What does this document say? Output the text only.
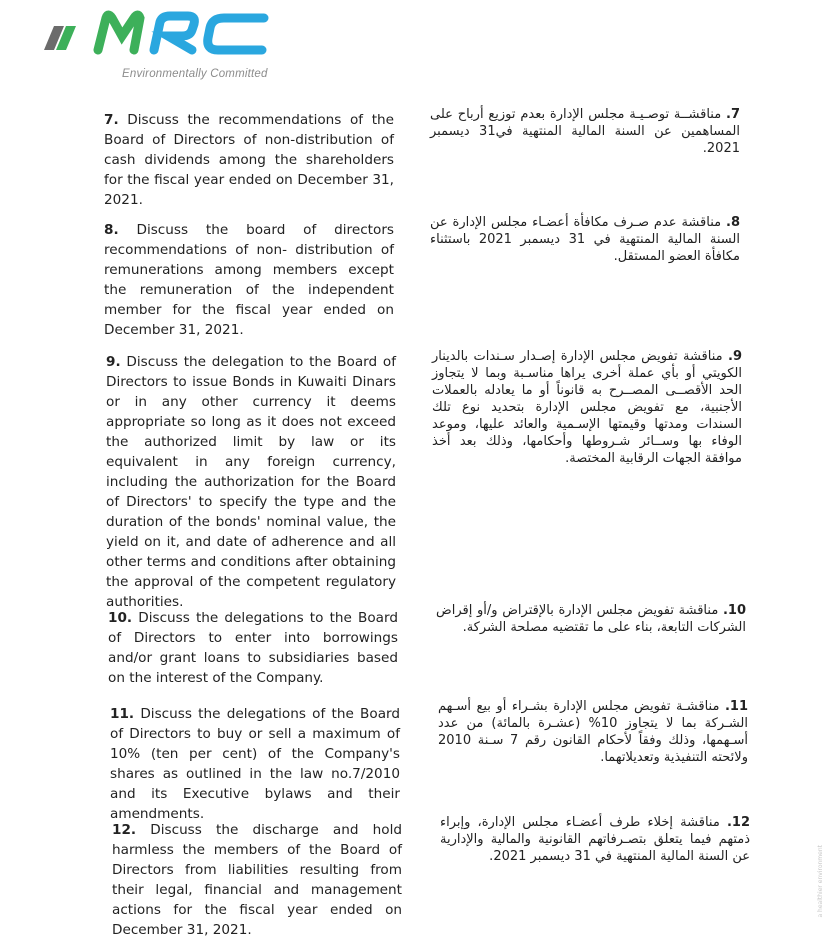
Environmentally Committed
7. Discuss the recommendations of the Board of Directors of non-distribution of cash dividends among the shareholders for the fiscal year ended on December 31, 2021.
7. مناقشــة توصـيـة مجلس الإدارة بعدم توزيع أرباح على المساهمين عن السنة المالية المنتهية في31 ديسمبر 2021.
8. Discuss the board of directors recommendations of non- distribution of remunerations among members except the remuneration of the independent member for the fiscal year ended on December 31, 2021.
8. مناقشة عدم صـرف مكافأة أعضـاء مجلس الإدارة عن السنة المالية المنتهية في 31 ديسمبر 2021 باستثناء مكافأة العضو المستقل.
9. Discuss the delegation to the Board of Directors to issue Bonds in Kuwaiti Dinars or in any other currency it deems appropriate so long as it does not exceed the authorized limit by law or its equivalent in any foreign currency, including the authorization for the Board of Directors' to specify the type and the duration of the bonds' nominal value, the yield on it, and date of adherence and all other terms and conditions after obtaining the approval of the competent regulatory authorities.
9. مناقشة تفويض مجلس الإدارة إصـدار سـندات بالدينار الكويتي أو بأي عملة أخرى يراها مناسـبة وبما لا يتجاوز الحد الأقصــى المصــرح به قانوناً أو ما يعادله بالعملات الأجنبية، مع تفويض مجلس الإدارة بتحديد نوع تلك السندات ومدتها وقيمتها الإسـمية والعائد عليها، وموعد الوفاء بها وســائر شـروطها وأحكامها، وذلك بعد أخذ موافقة الجهات الرقابية المختصة.
10. Discuss the delegations to the Board of Directors to enter into borrowings and/or grant loans to subsidiaries based on the interest of the Company.
10. مناقشة تفويض مجلس الإدارة بالإقتراض و/أو إقراض الشركات التابعة، بناء على ما تقتضيه مصلحة الشركة.
11. Discuss the delegations of the Board of Directors to buy or sell a maximum of 10% (ten per cent) of the Company's shares as outlined in the law no.7/2010 and its Executive bylaws and their amendments.
11. مناقشـة تفويض مجلس الإدارة بشـراء أو بيع أسـهم الشـركة بما لا يتجاوز 10% (عشـرة بالمائة) من عدد أسـهمها، وذلك وفقاً لأحكام القانون رقم 7 سـنة 2010 ولائحته التنفيذية وتعديلاتهما.
12. Discuss the discharge and hold harmless the members of the Board of Directors from liabilities resulting from their legal, financial and management actions for the fiscal year ended on December 31, 2021.
12. مناقشة إخلاء طرف أعضـاء مجلس الإدارة، وإبراء ذمتهم فيما يتعلق بتصـرفاتهم القانونية والمالية والإدارية عن السنة المالية المنتهية في 31 ديسمبر 2021.	a healthier environment
